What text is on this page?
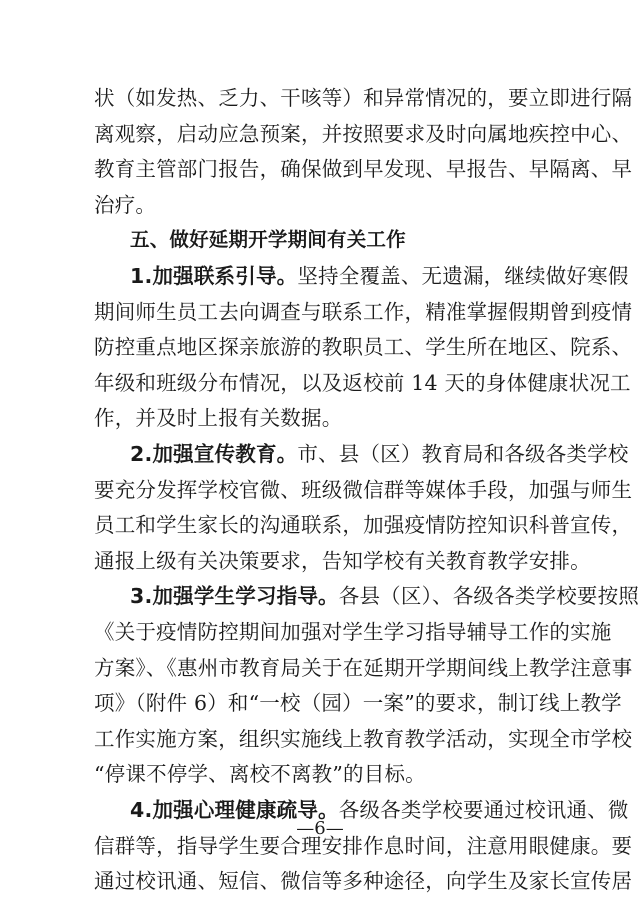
状（如发热、乏力、干咳等）和异常情况的，要立即进行隔
离观察，启动应急预案，并按照要求及时向属地疾控中心、
教育主管部门报告，确保做到早发现、早报告、早隔离、早
治疗。
五、做好延期开学期间有关工作
1.加强联系引导。坚持全覆盖、无遗漏，继续做好寒假
期间师生员工去向调查与联系工作，精准掌握假期曾到疫情
防控重点地区探亲旅游的教职员工、学生所在地区、院系、
年级和班级分布情况，以及返校前 14 天的身体健康状况工
作，并及时上报有关数据。
2.加强宣传教育。市、县（区）教育局和各级各类学校
要充分发挥学校官微、班级微信群等媒体手段，加强与师生
员工和学生家长的沟通联系，加强疫情防控知识科普宣传，
通报上级有关决策要求，告知学校有关教育教学安排。
3.加强学生学习指导。各县（区）、各级各类学校要按照
《关于疫情防控期间加强对学生学习指导辅导工作的实施
方案》、《惠州市教育局关于在延期开学期间线上教学注意事
项》（附件 6）和“一校（园）一案”的要求，制订线上教学
工作实施方案，组织实施线上教育教学活动，实现全市学校
“停课不停学、离校不离教”的目标。
4.加强心理健康疏导。各级各类学校要通过校讯通、微
信群等，指导学生要合理安排作息时间，注意用眼健康。要
通过校讯通、短信、微信等多种途径，向学生及家长宣传居
—6—
